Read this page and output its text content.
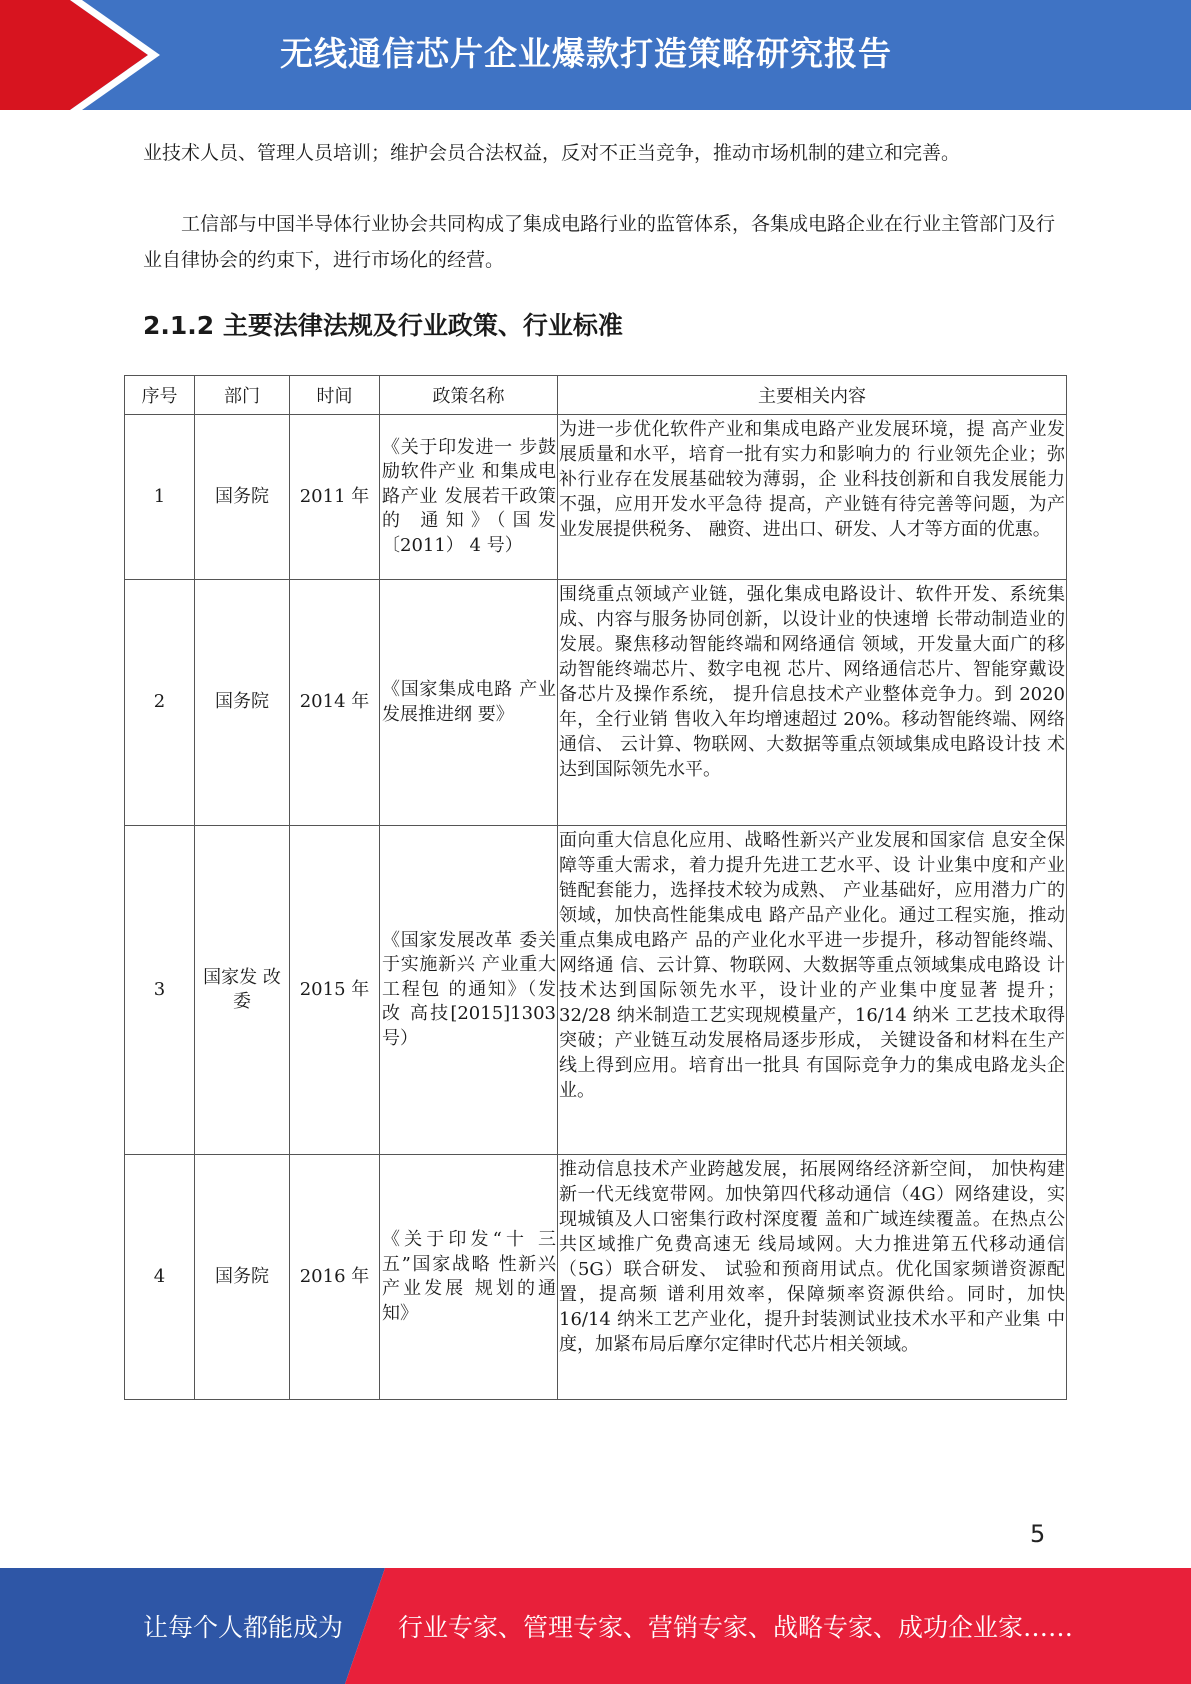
无线通信芯片企业爆款打造策略研究报告

业技术人员、管理人员培训；维护会员合法权益，反对不正当竞争，推动市场机制的建立和完善。

工信部与中国半导体行业协会共同构成了集成电路行业的监管体系，各集成电路企业在行业主管部门及行业自律协会的约束下，进行市场化的经营。

2.1.2 主要法律法规及行业政策、行业标准
序号	部门	时间	政策名称	主要相关内容
1	国务院	2011 年	《关于印发进一 步鼓励软件产业 和集成电路产业 发展若干政策的 通知》（国发〔2011） 4 号）	为进一步优化软件产业和集成电路产业发展环境，提 高产业发展质量和水平，培育一批有实力和影响力的 行业领先企业；弥补行业存在发展基础较为薄弱，企 业科技创新和自我发展能力不强，应用开发水平急待 提高，产业链有待完善等问题，为产业发展提供税务、 融资、进出口、研发、人才等方面的优惠。
2	国务院	2014 年	《国家集成电路 产业发展推进纲 要》	围绕重点领域产业链，强化集成电路设计、软件开发、系统集成、内容与服务协同创新，以设计业的快速增 长带动制造业的发展。聚焦移动智能终端和网络通信 领域，开发量大面广的移动智能终端芯片、数字电视 芯片、网络通信芯片、智能穿戴设备芯片及操作系统， 提升信息技术产业整体竞争力。到 2020 年，全行业销 售收入年均增速超过 20%。移动智能终端、网络通信、 云计算、物联网、大数据等重点领域集成电路设计技 术达到国际领先水平。
3	国家发 改委	2015 年	《国家发展改革 委关于实施新兴 产业重大工程包 的通知》（发改 高技[2015]1303 号）	面向重大信息化应用、战略性新兴产业发展和国家信 息安全保障等重大需求，着力提升先进工艺水平、设 计业集中度和产业链配套能力，选择技术较为成熟、 产业基础好，应用潜力广的领域，加快高性能集成电 路产品产业化。通过工程实施，推动重点集成电路产 品的产业化水平进一步提升，移动智能终端、网络通 信、云计算、物联网、大数据等重点领域集成电路设 计技术达到国际领先水平，设计业的产业集中度显著 提升；32/28 纳米制造工艺实现规模量产，16/14 纳米 工艺技术取得突破；产业链互动发展格局逐步形成， 关键设备和材料在生产线上得到应用。培育出一批具 有国际竞争力的集成电路龙头企业。
4	国务院	2016 年	《关于印发“十 三五”国家战略 性新兴产业发展 规划的通知》	推动信息技术产业跨越发展，拓展网络经济新空间， 加快构建新一代无线宽带网。加快第四代移动通信（4G）网络建设，实现城镇及人口密集行政村深度覆 盖和广域连续覆盖。在热点公共区域推广免费高速无 线局域网。大力推进第五代移动通信（5G）联合研发、 试验和预商用试点。优化国家频谱资源配置，提高频 谱利用效率，保障频率资源供给。同时，加快 16/14 纳米工艺产业化，提升封装测试业技术水平和产业集 中度，加紧布局后摩尔定律时代芯片相关领域。
5
让每个人都能成为 行业专家、管理专家、营销专家、战略专家、成功企业家……
